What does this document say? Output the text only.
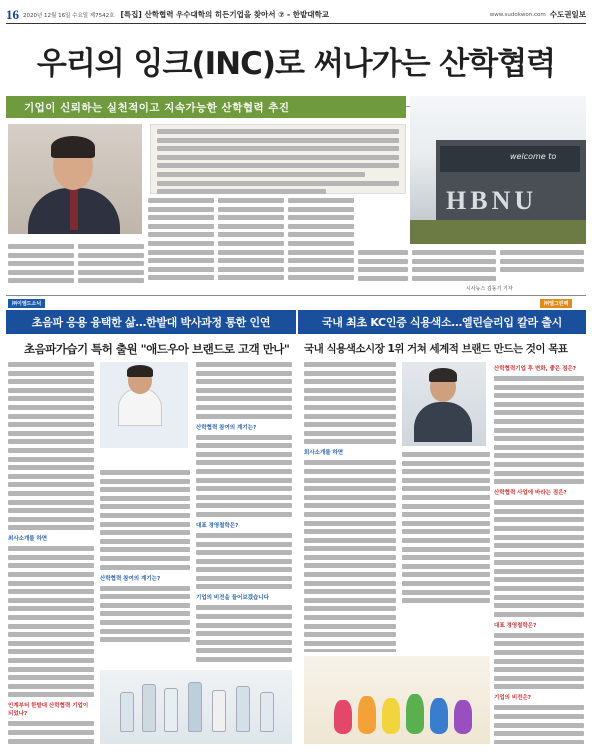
16 2020년 12월 16일 수요일 제7542호 [특집] 산학협력 우수대학의 히든기업을 찾아서 ⑦ - 한밭대학교	www.sudokwon.com 수도권일보
우리의 잉크(INC)로 써나가는 산학협력
기업이 신뢰하는 실천적이고 지속가능한 산학협력 추진
welcome to
HBNU
시사뉴스 김동기 기자
㈜이엠드소닉
초음파 응용 융택한 삶…한밭대 박사과정 통한 인연
초음파가습기 특허 출원 "애드우아 브랜드로 고객 만나"
최사소개를 하면
인계부터 한밭대 산학협력 기업이 되었나?
산학협력 참여의 계기는?
산학협력 참여의 계기는?
대표 경영철학은?
기업의 비전을 들어보겠습니다
㈜엘그린팩
국내 최초 KC인증 식용색소…엘린슬리입 칼라 출시
국내 식용색소시장 1위 거쳐 세계적 브랜드 만드는 것이 목표
회사소개를 하면
산학협력기업 후 변화, 좋은 점은?
산학협력 사업에 바라는 점은?
대표 경영철학은?
기업의 비전은?
